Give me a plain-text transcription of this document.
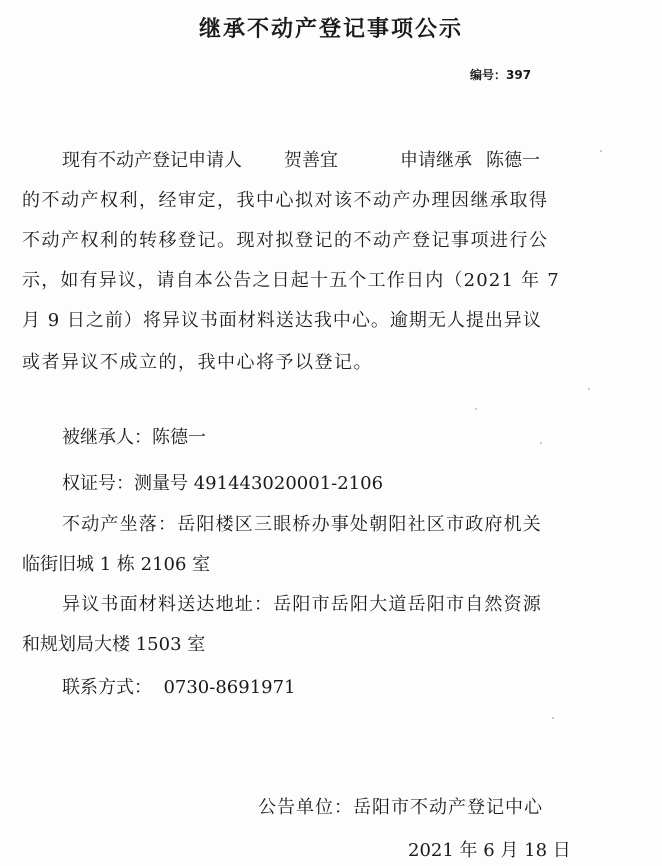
继承不动产登记事项公示
编号：397
现有不动产登记申请人 贺善宜	申请继承 陈德一
的不动产权利，经审定，我中心拟对该不动产办理因继承取得
不动产权利的转移登记。现对拟登记的不动产登记事项进行公
示，如有异议，请自本公告之日起十五个工作日内（2021 年 7
月 9 日之前）将异议书面材料送达我中心。逾期无人提出异议
或者异议不成立的，我中心将予以登记。
被继承人：陈德一
权证号：测量号 491443020001-2106
不动产坐落：岳阳楼区三眼桥办事处朝阳社区市政府机关
临街旧城 1 栋 2106 室
异议书面材料送达地址：岳阳市岳阳大道岳阳市自然资源
和规划局大楼 1503 室
联系方式：  0730-8691971
公告单位：岳阳市不动产登记中心
2021 年 6 月 18 日
